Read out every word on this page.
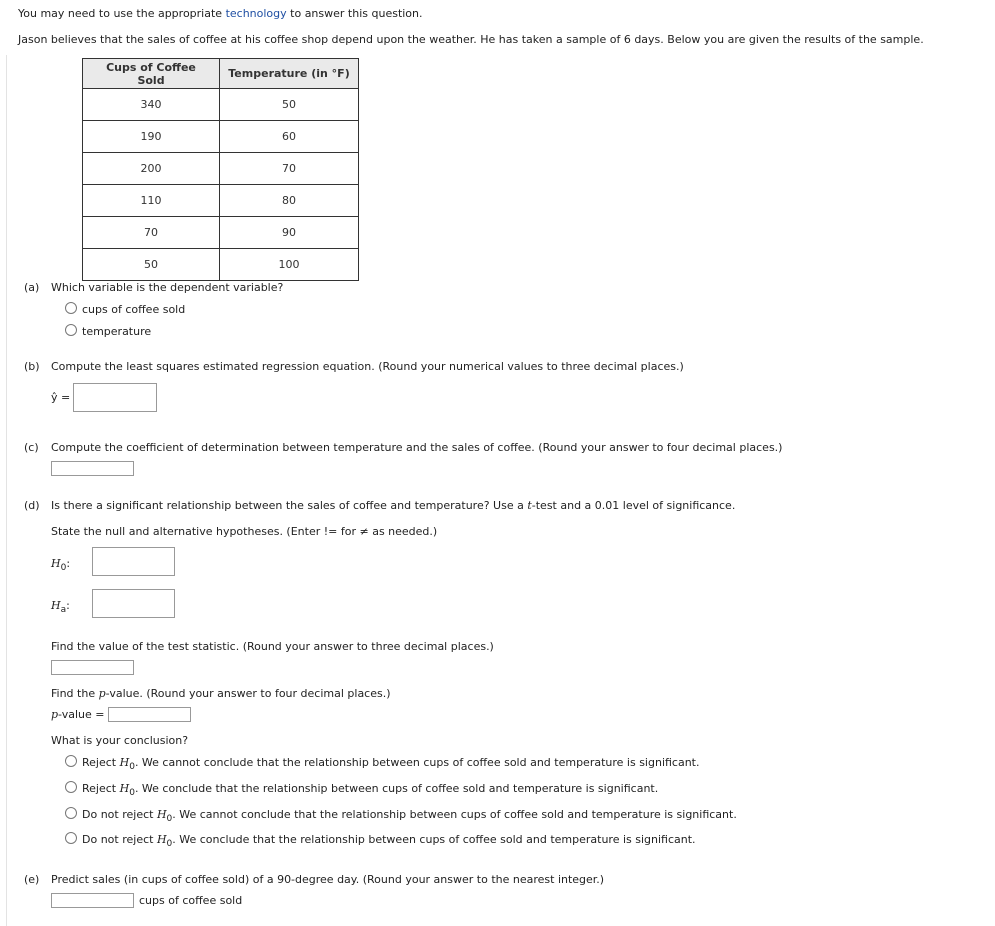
You may need to use the appropriate technology to answer this question.
Jason believes that the sales of coffee at his coffee shop depend upon the weather. He has taken a sample of 6 days. Below you are given the results of the sample.
Cups of Coffee Sold	Temperature (in °F)
340	50
190	60
200	70
110	80
70	90
50	100
(a) Which variable is the dependent variable?
cups of coffee sold
temperature
(b) Compute the least squares estimated regression equation. (Round your numerical values to three decimal places.)
ŷ =
(c) Compute the coefficient of determination between temperature and the sales of coffee. (Round your answer to four decimal places.)
(d) Is there a significant relationship between the sales of coffee and temperature? Use a t-test and a 0.01 level of significance.
State the null and alternative hypotheses. (Enter != for ≠ as needed.)
$H_0$:
$H_a$:
Find the value of the test statistic. (Round your answer to three decimal places.)
Find the p-value. (Round your answer to four decimal places.)
p-value =
What is your conclusion?
Reject $H_0$. We cannot conclude that the relationship between cups of coffee sold and temperature is significant.
Reject $H_0$. We conclude that the relationship between cups of coffee sold and temperature is significant.
Do not reject $H_0$. We cannot conclude that the relationship between cups of coffee sold and temperature is significant.
Do not reject $H_0$. We conclude that the relationship between cups of coffee sold and temperature is significant.
(e) Predict sales (in cups of coffee sold) of a 90-degree day. (Round your answer to the nearest integer.)
cups of coffee sold
